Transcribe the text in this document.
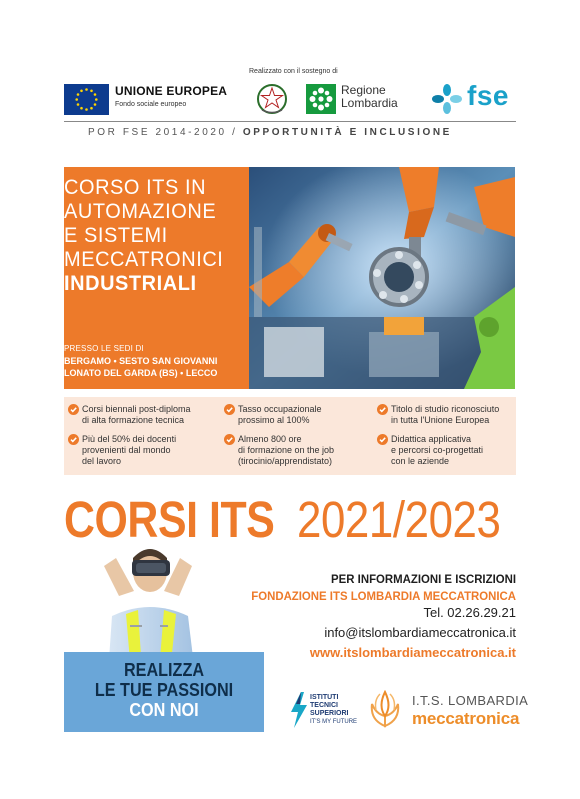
Realizzato con il sostegno di
UNIONE EUROPEA
Fondo sociale europeo
Regione
Lombardia fse
POR FSE 2014-2020 / OPPORTUNITÀ E INCLUSIONE
CORSO ITS IN
AUTOMAZIONE
E SISTEMI
MECCATRONICI
INDUSTRIALI
PRESSO LE SEDI DI
BERGAMO • SESTO SAN GIOVANNI
LONATO DEL GARDA (BS) • LECCO
Corsi biennali post-diploma
di alta formazione tecnica
Tasso occupazionale
prossimo al 100%
Titolo di studio riconosciuto
in tutta l'Unione Europea
Più del 50% dei docenti
provenienti dal mondo
del lavoro
Almeno 800 ore
di formazione on the job
(tirocinio/apprendistato)
Didattica applicativa
e percorsi co-progettati
con le aziende
CORSI ITS 2021/2023
REALIZZA
LE TUE PASSIONI
CON NOI
PER INFORMAZIONI E ISCRIZIONI
FONDAZIONE ITS LOMBARDIA MECCATRONICA
Tel. 02.26.29.21
info@itslombardiameccatronica.it
www.itslombardiameccatronica.it
ISTITUTI
TECNICI
SUPERIORI
IT'S MY FUTURE
I.T.S. LOMBARDIA
meccatronica
